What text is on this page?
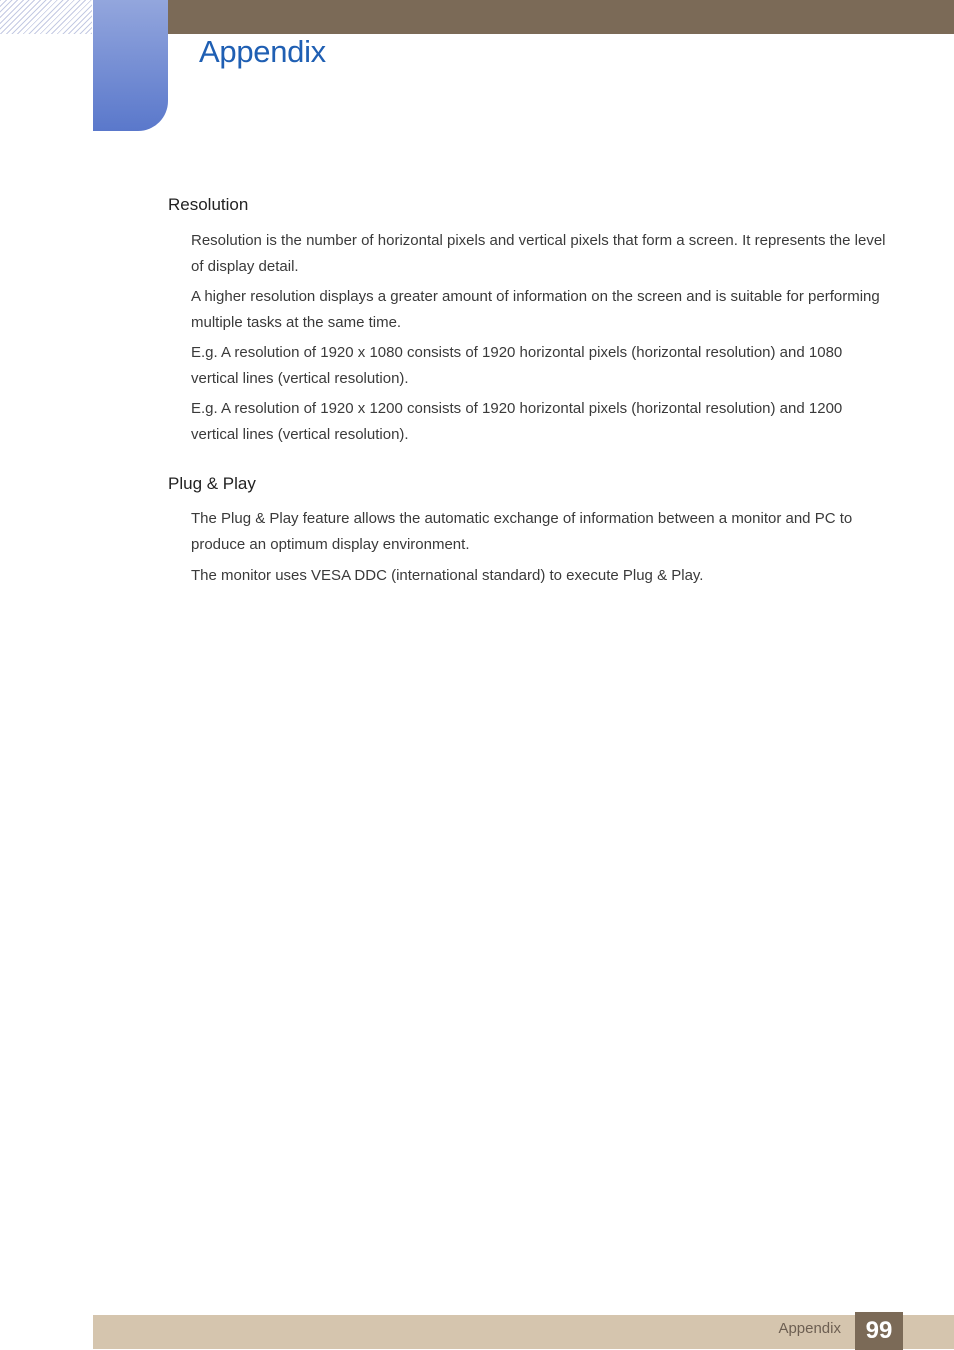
Appendix
Resolution

Resolution is the number of horizontal pixels and vertical pixels that form a screen. It represents the level of display detail.

A higher resolution displays a greater amount of information on the screen and is suitable for performing multiple tasks at the same time.

E.g. A resolution of 1920 x 1080 consists of 1920 horizontal pixels (horizontal resolution) and 1080 vertical lines (vertical resolution).

E.g. A resolution of 1920 x 1200 consists of 1920 horizontal pixels (horizontal resolution) and 1200 vertical lines (vertical resolution).

Plug & Play

The Plug & Play feature allows the automatic exchange of information between a monitor and PC to produce an optimum display environment.

The monitor uses VESA DDC (international standard) to execute Plug & Play.

Appendix	99
